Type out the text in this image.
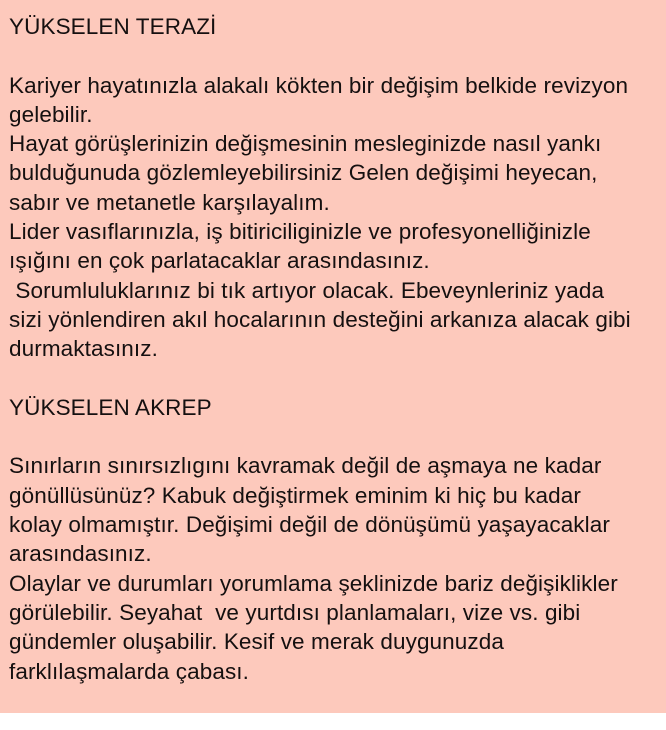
YÜKSELEN TERAZİ

Kariyer hayatınızla alakalı kökten bir değişim belkide revizyon

gelebilir.

Hayat görüşlerinizin değişmesinin mesleginizde nasıl yankı

bulduğunuda gözlemleyebilirsiniz Gelen değişimi heyecan,

sabır ve metanetle karşılayalım.

Lider vasıflarınızla, iş bitiriciliginizle ve profesyonelliğinizle

ışığını en çok parlatacaklar arasındasınız.

Sorumluluklarınız bi tık artıyor olacak. Ebeveynleriniz yada

sizi yönlendiren akıl hocalarının desteğini arkanıza alacak gibi

durmaktasınız.

YÜKSELEN AKREP

Sınırların sınırsızlıgını kavramak değil de aşmaya ne kadar

gönüllüsünüz? Kabuk değiştirmek eminim ki hiç bu kadar

kolay olmamıştır. Değişimi değil de dönüşümü yaşayacaklar

arasındasınız.

Olaylar ve durumları yorumlama şeklinizde bariz değişiklikler

görülebilir. Seyahat  ve yurtdısı planlamaları, vize vs. gibi

gündemler oluşabilir. Kesif ve merak duygunuzda

farklılaşmalarda çabası.
